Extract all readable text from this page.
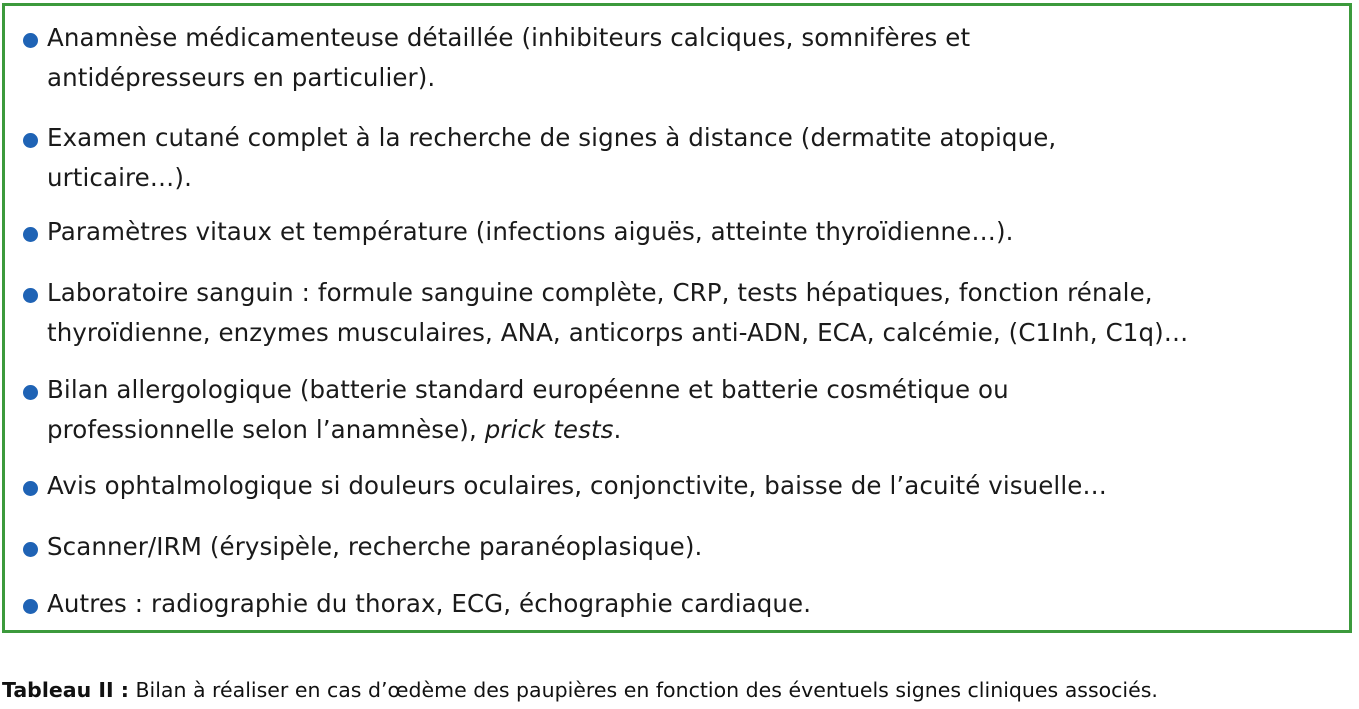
Anamnèse médicamenteuse détaillée (inhibiteurs calciques, somnifères et
antidépresseurs en particulier).
Examen cutané complet à la recherche de signes à distance (dermatite atopique,
urticaire…).
Paramètres vitaux et température (infections aiguës, atteinte thyroïdienne…).
Laboratoire sanguin : formule sanguine complète, CRP, tests hépatiques, fonction rénale,
thyroïdienne, enzymes musculaires, ANA, anticorps anti-ADN, ECA, calcémie, (C1Inh, C1q)…
Bilan allergologique (batterie standard européenne et batterie cosmétique ou
professionnelle selon l’anamnèse), prick tests.
Avis ophtalmologique si douleurs oculaires, conjonctivite, baisse de l’acuité visuelle…
Scanner/IRM (érysipèle, recherche paranéoplasique).
Autres : radiographie du thorax, ECG, échographie cardiaque.
Tableau II : Bilan à réaliser en cas d’œdème des paupières en fonction des éventuels signes cliniques associés.
